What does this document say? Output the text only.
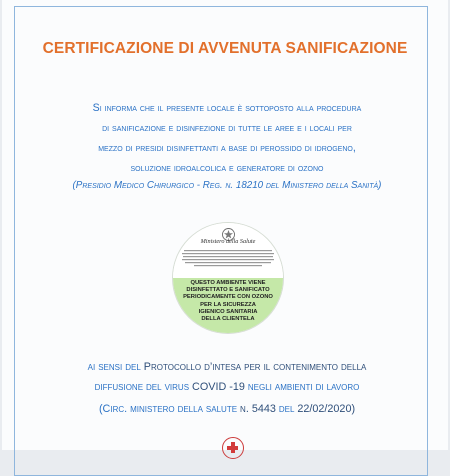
CERTIFICAZIONE DI AVVENUTA SANIFICAZIONE
Si informa che il presente locale è sottoposto alla procedura
di sanificazione e disinfezione di tutte le aree e i locali per
mezzo di presidi disinfettanti a base di perossido di idrogeno,
soluzione idroalcolica e generatore di ozono
(Presidio Medico Chirurgico - Reg. n. 18210 del Ministero della Sanità)
Ministero della Salute
QUESTO AMBIENTE VIENE
DISINFETTATO E SANIFICATO
PERIODICAMENTE CON OZONO
PER LA SICUREZZA
IGIENICO SANITARIA
DELLA CLIENTELA
ai sensi del Protocollo d’intesa per il contenimento della
diffusione del virus COVID -19 negli ambienti di lavoro
(Circ. ministero della salute n. 5443 del 22/02/2020)
